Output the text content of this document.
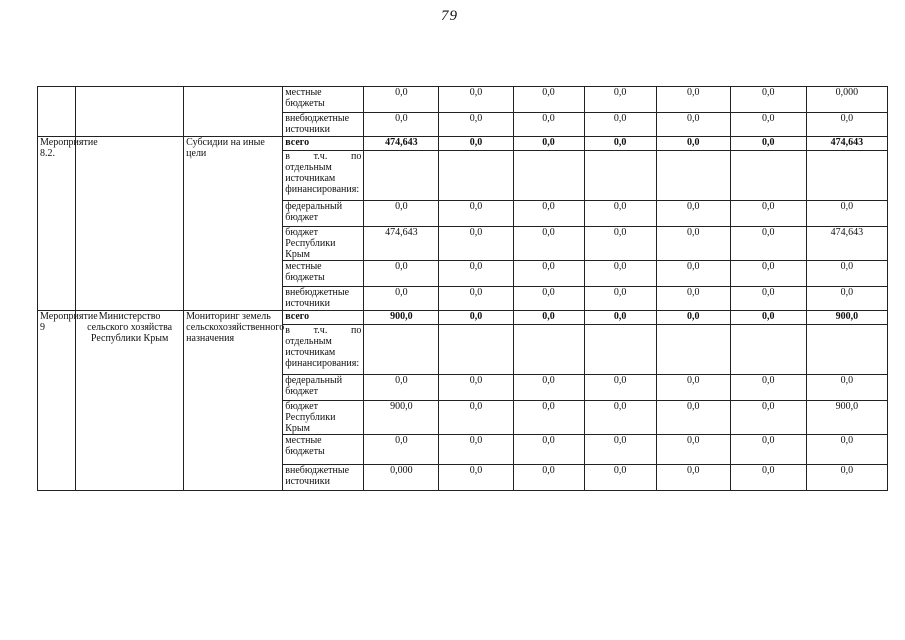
79
			местные бюджеты	0,0	0,0	0,0	0,0	0,0	0,0	0,000
			внебюджетные источники	0,0	0,0	0,0	0,0	0,0	0,0	0,0
Мероприятие 8.2.		Субсидии на иные цели	всего	474,643	0,0	0,0	0,0	0,0	0,0	474,643
			в т.ч. по отдельным источникам финансирования:							
			федеральный бюджет	0,0	0,0	0,0	0,0	0,0	0,0	0,0
			бюджет Республики Крым	474,643	0,0	0,0	0,0	0,0	0,0	474,643
			местные бюджеты	0,0	0,0	0,0	0,0	0,0	0,0	0,0
			внебюджетные источники	0,0	0,0	0,0	0,0	0,0	0,0	0,0
Мероприятие 9	Министерство сельского хозяйства Республики Крым	Мониторинг земель сельскохозяйственного назначения	всего	900,0	0,0	0,0	0,0	0,0	0,0	900,0
			в т.ч. по отдельным источникам финансирования:							
			федеральный бюджет	0,0	0,0	0,0	0,0	0,0	0,0	0,0
			бюджет Республики Крым	900,0	0,0	0,0	0,0	0,0	0,0	900,0
			местные бюджеты	0,0	0,0	0,0	0,0	0,0	0,0	0,0
			внебюджетные источники	0,000	0,0	0,0	0,0	0,0	0,0	0,0
